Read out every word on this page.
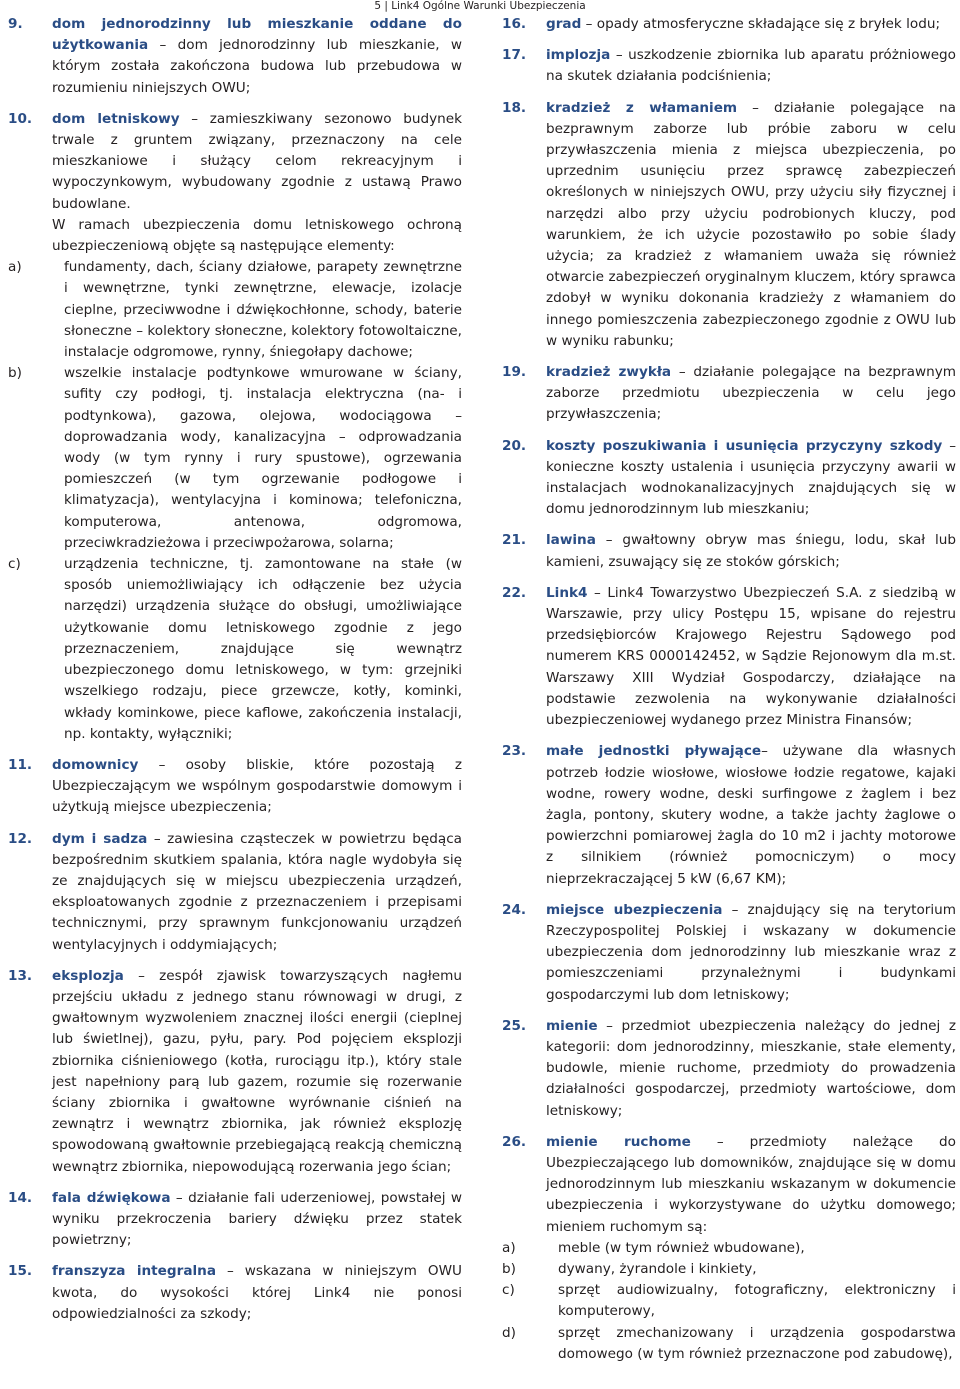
5 | Link4 Ogólne Warunki Ubezpieczenia
9. dom jednorodzinny lub mieszkanie oddane do użytkowania – dom jednorodzinny lub mieszkanie, w którym została zakończona budowa lub przebudowa w rozumieniu niniejszych OWU;
10. dom letniskowy – zamieszkiwany sezonowo budynek trwale z gruntem związany, przeznaczony na cele mieszkaniowe i służący celom rekreacyjnym i wypoczynkowym, wybudowany zgodnie z ustawą Prawo budowlane.
W ramach ubezpieczenia domu letniskowego ochroną ubezpieczeniową objęte są następujące elementy:
a)	fundamenty, dach, ściany działowe, parapety zewnętrzne i wewnętrzne, tynki zewnętrzne, elewacje, izolacje cieplne, przeciwwodne i dźwiękochłonne, schody, baterie słoneczne – kolektory słoneczne, kolektory fotowoltaiczne, instalacje odgromowe, rynny, śniegołapy dachowe;
b)	wszelkie instalacje podtynkowe wmurowane w ściany, sufity czy podłogi, tj. instalacja elektryczna (na- i podtynkowa), gazowa, olejowa, wodociągowa – doprowadzania wody, kanalizacyjna – odprowadzania wody (w tym rynny i rury spustowe), ogrzewania pomieszczeń (w tym ogrzewanie podłogowe i klimatyzacja), wentylacyjna i kominowa; telefoniczna, komputerowa, antenowa, odgromowa, przeciwkradzieżowa i przeciwpożarowa, solarna;
c)	urządzenia techniczne, tj. zamontowane na stałe (w sposób uniemożliwiający ich odłączenie bez użycia narzędzi) urządzenia służące do obsługi, umożliwiające użytkowanie domu letniskowego zgodnie z jego przeznaczeniem, znajdujące się wewnątrz ubezpieczonego domu letniskowego, w tym: grzejniki wszelkiego rodzaju, piece grzewcze, kotły, kominki, wkłady kominkowe, piece kaflowe, zakończenia instalacji, np. kontakty, wyłączniki;
11. domownicy – osoby bliskie, które pozostają z Ubezpieczającym we wspólnym gospodarstwie domowym i użytkują miejsce ubezpieczenia;
12. dym i sadza – zawiesina cząsteczek w powietrzu będąca bezpośrednim skutkiem spalania, która nagle wydobyła się ze znajdujących się w miejscu ubezpieczenia urządzeń, eksploatowanych zgodnie z przeznaczeniem i przepisami technicznymi, przy sprawnym funkcjonowaniu urządzeń wentylacyjnych i oddymiających;
13. eksplozja – zespół zjawisk towarzyszących nagłemu przejściu układu z jednego stanu równowagi w drugi, z gwałtownym wyzwoleniem znacznej ilości energii (cieplnej lub świetlnej), gazu, pyłu, pary. Pod pojęciem eksplozji zbiornika ciśnieniowego (kotła, rurociągu itp.), który stale jest napełniony parą lub gazem, rozumie się rozerwanie ściany zbiornika i gwałtowne wyrównanie ciśnień na zewnątrz i wewnątrz zbiornika, jak również eksplozję spowodowaną gwałtownie przebiegającą reakcją chemiczną wewnątrz zbiornika, niepowodującą rozerwania jego ścian;
14. fala dźwiękowa – działanie fali uderzeniowej, powstałej w wyniku przekroczenia bariery dźwięku przez statek powietrzny;
15. franszyza integralna – wskazana w niniejszym OWU kwota, do wysokości której Link4 nie ponosi odpowiedzialności za szkody;
16. grad – opady atmosferyczne składające się z bryłek lodu;
17. implozja – uszkodzenie zbiornika lub aparatu próżniowego na skutek działania podciśnienia;
18. kradzież z włamaniem – działanie polegające na bezprawnym zaborze lub próbie zaboru w celu przywłaszczenia mienia z miejsca ubezpieczenia, po uprzednim usunięciu przez sprawcę zabezpieczeń określonych w niniejszych OWU, przy użyciu siły fizycznej i narzędzi albo przy użyciu podrobionych kluczy, pod warunkiem, że ich użycie pozostawiło po sobie ślady użycia; za kradzież z włamaniem uważa się również otwarcie zabezpieczeń oryginalnym kluczem, który sprawca zdobył w wyniku dokonania kradzieży z włamaniem do innego pomieszczenia zabezpieczonego zgodnie z OWU lub w wyniku rabunku;
19. kradzież zwykła – działanie polegające na bezprawnym zaborze przedmiotu ubezpieczenia w celu jego przywłaszczenia;
20. koszty poszukiwania i usunięcia przyczyny szkody – konieczne koszty ustalenia i usunięcia przyczyny awarii w instalacjach wodnokanalizacyjnych znajdujących się w domu jednorodzinnym lub mieszkaniu;
21. lawina – gwałtowny obryw mas śniegu, lodu, skał lub kamieni, zsuwający się ze stoków górskich;
22. Link4 – Link4 Towarzystwo Ubezpieczeń S.A. z siedzibą w Warszawie, przy ulicy Postępu 15, wpisane do rejestru przedsiębiorców Krajowego Rejestru Sądowego pod numerem KRS 0000142452, w Sądzie Rejonowym dla m.st. Warszawy XIII Wydział Gospodarczy, działające na podstawie zezwolenia na wykonywanie działalności ubezpieczeniowej wydanego przez Ministra Finansów;
23. małe jednostki pływające– używane dla własnych potrzeb łodzie wiosłowe, wiosłowe łodzie regatowe, kajaki wodne, rowery wodne, deski surfingowe z żaglem i bez żagla, pontony, skutery wodne, a także jachty żaglowe o powierzchni pomiarowej żagla do 10 m2 i jachty motorowe z silnikiem (również pomocniczym) o mocy nieprzekraczającej 5 kW (6,67 KM);
24. miejsce ubezpieczenia – znajdujący się na terytorium Rzeczypospolitej Polskiej i wskazany w dokumencie ubezpieczenia dom jednorodzinny lub mieszkanie wraz z pomieszczeniami przynależnymi i budynkami gospodarczymi lub dom letniskowy;
25. mienie – przedmiot ubezpieczenia należący do jednej z kategorii: dom jednorodzinny, mieszkanie, stałe elementy, budowle, mienie ruchome, przedmioty do prowadzenia działalności gospodarczej, przedmioty wartościowe, dom letniskowy;
26. mienie ruchome – przedmioty należące do Ubezpieczającego lub domowników, znajdujące się w domu jednorodzinnym lub mieszkaniu wskazanym w dokumencie ubezpieczenia i wykorzystywane do użytku domowego; mieniem ruchomym są:
a)	meble (w tym również wbudowane),
b)	dywany, żyrandole i kinkiety,
c)	sprzęt audiowizualny, fotograficzny, elektroniczny i komputerowy,
d)	sprzęt zmechanizowany i urządzenia gospodarstwa domowego (w tym również przeznaczone pod zabudowę),
